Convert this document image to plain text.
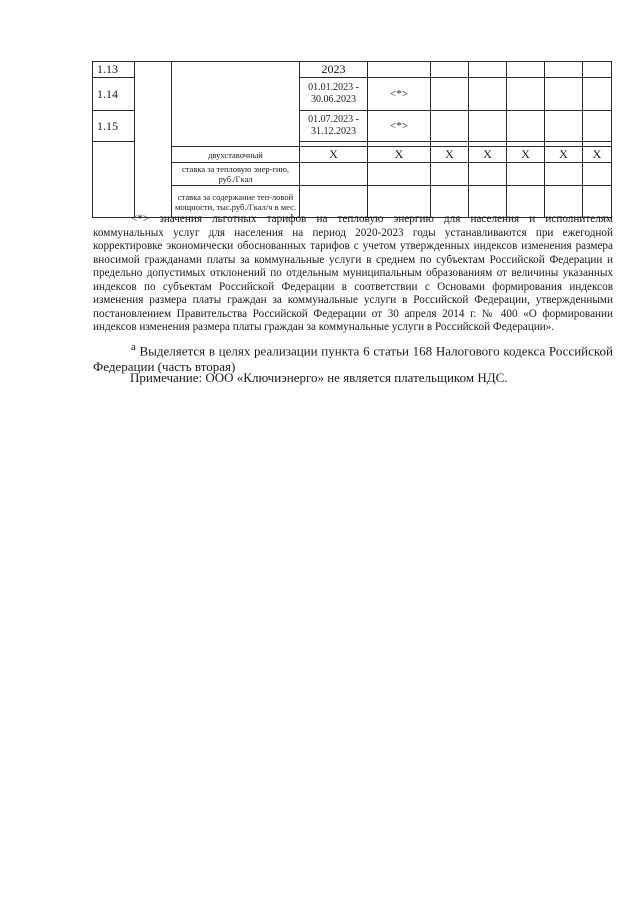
1.13			2023							
1.14			01.01.2023 - 30.06.2023	<*>						
1.15			01.07.2023 - 31.12.2023	<*>						

		двухставочный	Х	Х	Х	Х	Х	Х	Х	
		ставка за тепловую энер-гию, руб./Гкал								
		ставка за содержание теп-ловой мощности, тыс.руб./Гкал/ч в мес.								

<*> значения льготных тарифов на тепловую энергию для населения и исполнителям коммунальных услуг для населения на период 2020-2023 годы устанавливаются при ежегодной корректировке экономически обоснованных тарифов с учетом утвержденных индексов изменения размера вносимой гражданами платы за коммунальные услуги в среднем по субъектам Российской Федерации и предельно допустимых отклонений по отдельным муниципальным образованиям от величины указанных индексов по субъектам Российской Федерации в соответствии с Основами формирования индексов изменения размера платы граждан за коммунальные услуги в Российской Федерации, утвержденными постановлением Правительства Российской Федерации от 30 апреля 2014 г. № 400 «О формировании индексов изменения размера платы граждан за коммунальные услуги в Российской Федерации».

$^а$ Выделяется в целях реализации пункта 6 статьи 168 Налогового кодекса Российской Федерации (часть вторая)

Примечание: ООО «Ключиэнерго» не является плательщиком НДС.
